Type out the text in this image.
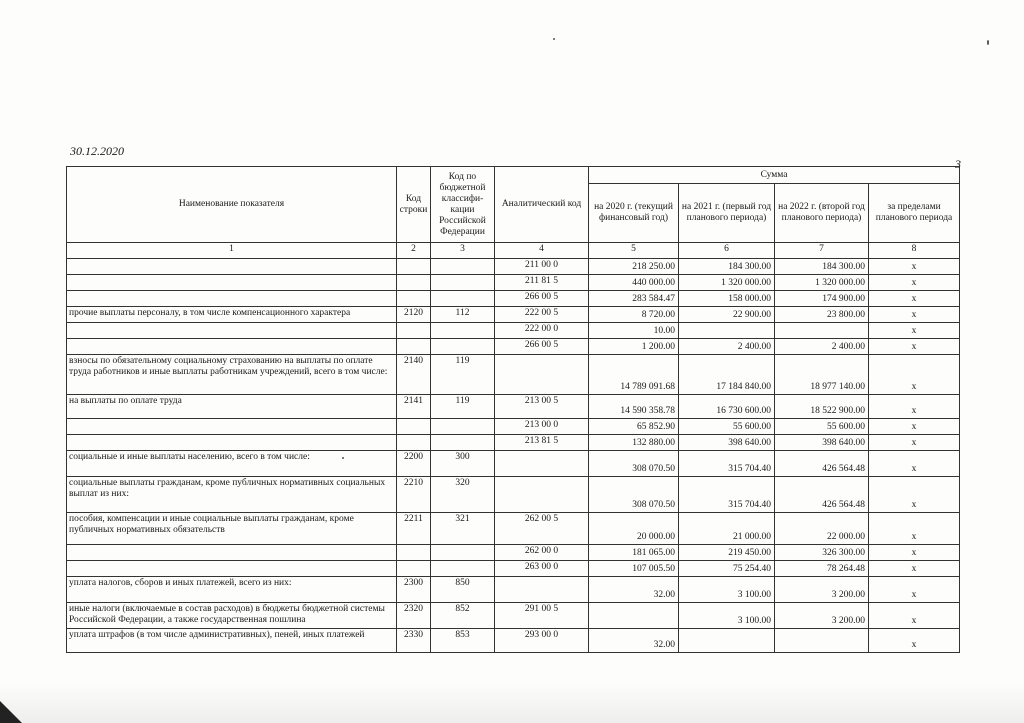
30.12.2020
3
Наименование показателя	Код строки	Код по бюджетной классифи-кации Российской Федерации	Аналитический код	Сумма			
				на 2020 г. (текущий финансовый год)	на 2021 г. (первый год планового периода)	на 2022 г. (второй год планового периода)	за пределами планового периода
1	2	3	4	5	6	7	8
			211 00 0	218 250.00	184 300.00	184 300.00	x
			211 81 5	440 000.00	1 320 000.00	1 320 000.00	x
			266 00 5	283 584.47	158 000.00	174 900.00	x
прочие выплаты персоналу, в том числе компенсационного характера	2120	112	222 00 5	8 720.00	22 900.00	23 800.00	x
			222 00 0	10.00			x
			266 00 5	1 200.00	2 400.00	2 400.00	x
взносы по обязательному социальному страхованию на выплаты по оплате труда работников и иные выплаты работникам учреждений, всего в том числе:	2140	119		14 789 091.68	17 184 840.00	18 977 140.00	x
на выплаты по оплате труда	2141	119	213 00 5	14 590 358.78	16 730 600.00	18 522 900.00	x
			213 00 0	65 852.90	55 600.00	55 600.00	x
			213 81 5	132 880.00	398 640.00	398 640.00	x
социальные и иные выплаты населению, всего в том числе:	2200	300		308 070.50	315 704.40	426 564.48	x
социальные выплаты гражданам, кроме публичных нормативных социальных выплат из них:	2210	320		308 070.50	315 704.40	426 564.48	x
пособия, компенсации и иные социальные выплаты гражданам, кроме публичных нормативных обязательств	2211	321	262 00 5	20 000.00	21 000.00	22 000.00	x
			262 00 0	181 065.00	219 450.00	326 300.00	x
			263 00 0	107 005.50	75 254.40	78 264.48	x
уплата налогов, сборов и иных платежей, всего из них:	2300	850		32.00	3 100.00	3 200.00	x
иные налоги (включаемые в состав расходов) в бюджеты бюджетной системы Российской Федерации, а также государственная пошлина	2320	852	291 00 5		3 100.00	3 200.00	x
уплата штрафов (в том числе административных), пеней, иных платежей	2330	853	293 00 0	32.00			x
